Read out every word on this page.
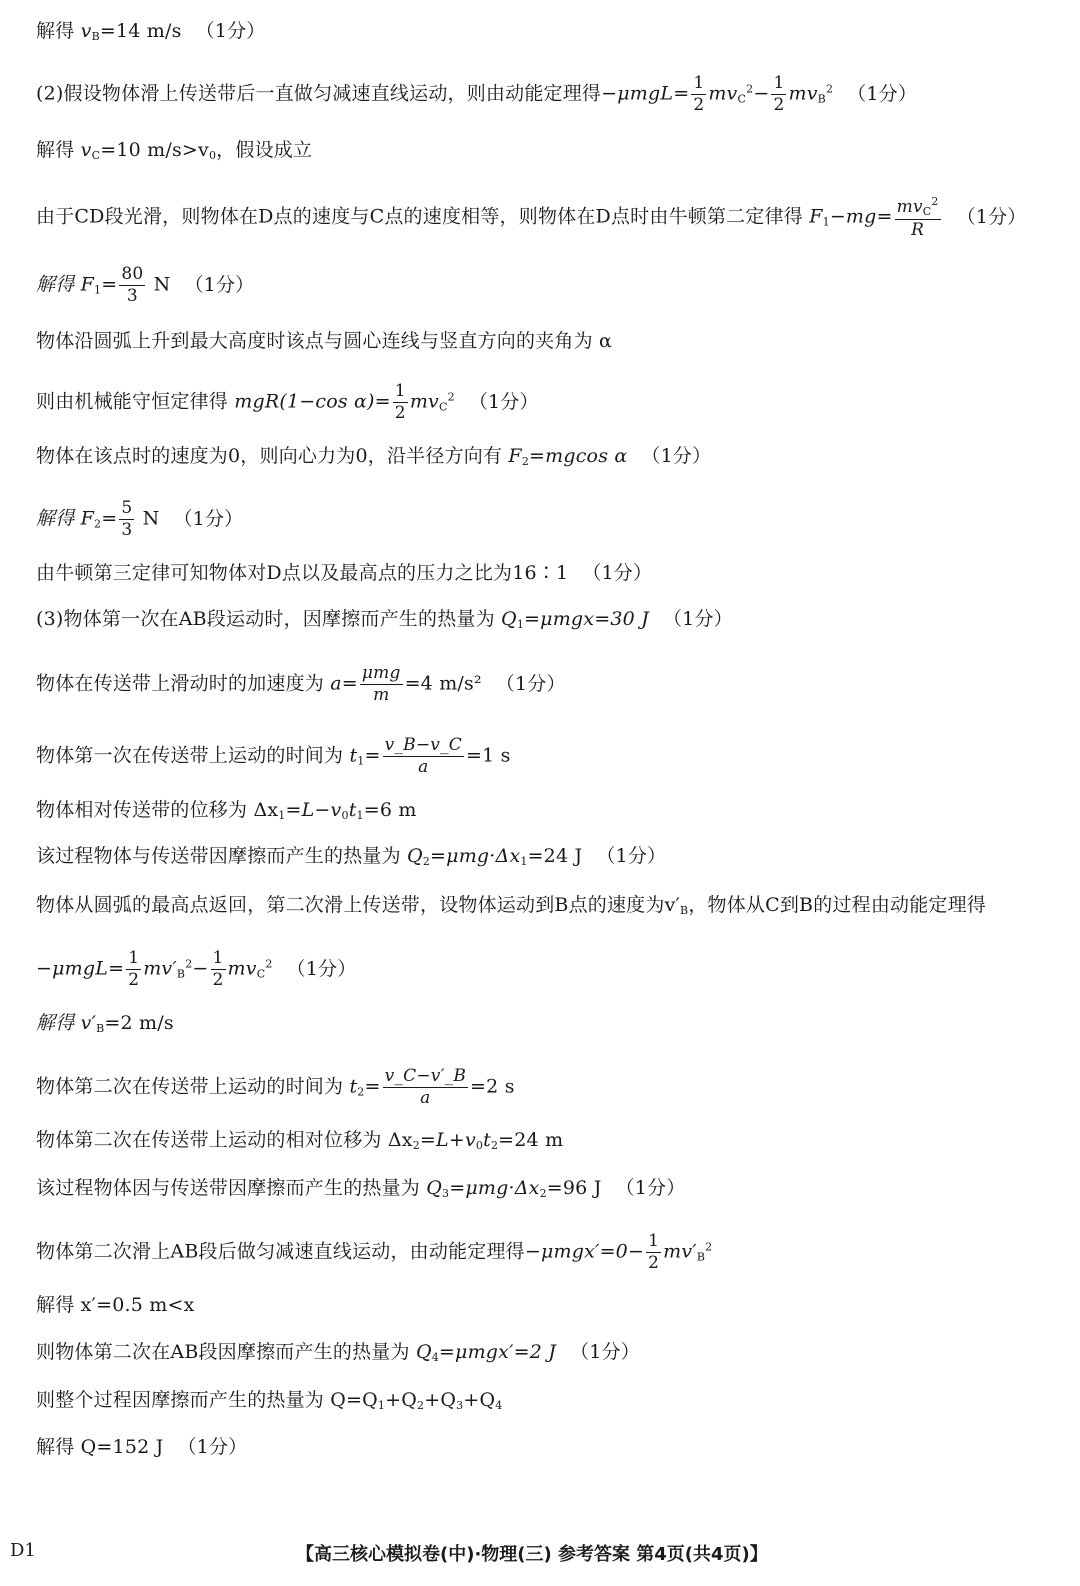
解得 $v_B=14$ m/s （1分）
(2)假设物体滑上传送带后一直做匀减速直线运动，则由动能定理得$-\mu mgL= \frac{1}{2} mv_C^2- \frac{1}{2} mv_B^2$ （1分）
解得 $v_C=10$ $m/s>v_0$，假设成立
由于CD段光滑，则物体在D点的速度与C点的速度相等，则物体在D点时由牛顿第二定律得 $F_1-mg= \frac{mv_C^2}{R} (1$分）
解得 $F_1= \frac{80}{3}$ N （1分）
物体沿圆弧上升到最大高度时该点与圆心连线与竖直方向的夹角为 α
则由机械能守恒定律得 mgR(1−cos $\alpha)= \frac{1}{2} mv_C^2$ （1分）
物体在该点时的速度为0，则向心力为0，沿半径方向有 $F_2=mgcos$ α （1分）
解得 $F_2= \frac{5}{3}$ N （1分）
由牛顿第三定律可知物体对D点以及最高点的压力之比为16∶1 （1分）
(3)物体第一次在AB段运动时，因摩擦而产生的热量为 $Q_1=\mu mgx=30$ J （1分）
物体在传送带上滑动时的加速度为 $a= \frac{\text{μmg}}{m} =4$ m/s² （1分）
物体第一次在传送带上运动的时间为 $t_1= \frac{v\_B-v\_C}{a} =1$ s
物体相对传送带的位移为 $\Delta x_1=L-v_0t_1=6$ m
该过程物体与传送带因摩擦而产生的热量为 $Q_2=\mu mg\cdot\Delta x_1=24$ J （1分）
物体从圆弧的最高点返回，第二次滑上传送带，设物体运动到B点的速度为$v'_B$，物体从C到B的过程由动能定理得
$-\mu mgL= \frac{1}{2} mv'_B^2- \frac{1}{2} mv_C^2$ （1分）
解得 $v'_B=2$ m/s
物体第二次在传送带上运动的时间为 $t_2= \frac{v\_C-v'\_B}{a} =2$ s
物体第二次在传送带上运动的相对位移为 $\Delta x_2=L+v_0t_2=24$ m
该过程物体因与传送带因摩擦而产生的热量为 $Q_3=\mu mg\cdot\Delta x_2=96$ J （1分）
物体第二次滑上AB段后做匀减速直线运动，由动能定理得$-\mu mgx'=0- \frac{1}{2} mv'_B^2$
解得 x′=0.5 m<x
则物体第二次在AB段因摩擦而产生的热量为 $Q_4=\mu mgx'=2$ J （1分）
则整个过程因摩擦而产生的热量为 $Q=Q_1+Q_2+Q_3+Q_4$
解得 Q=152 J （1分）
D1	【高三核心模拟卷(中)·物理(三) 参考答案 第4页(共4页)】
